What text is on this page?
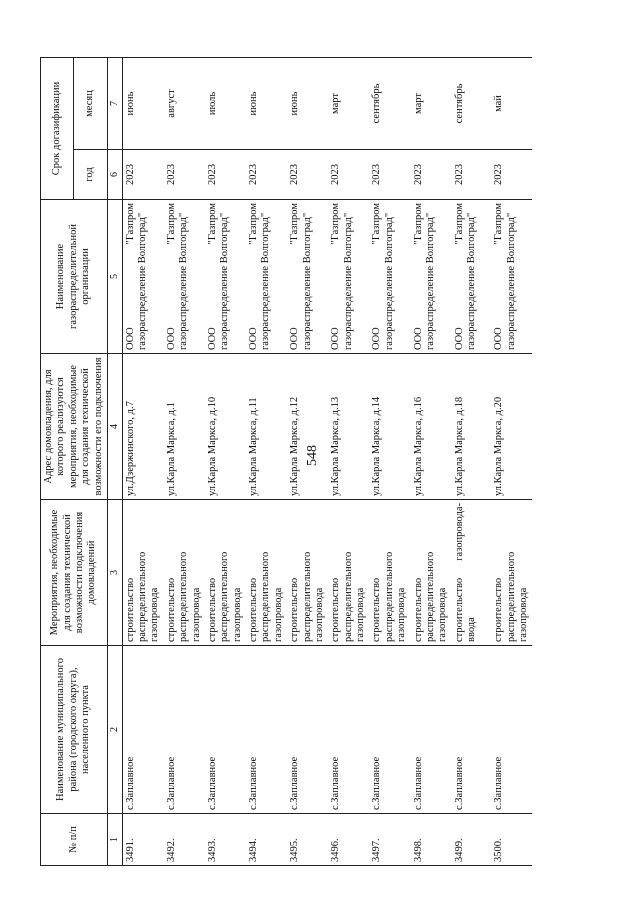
548
№ п/п	Наименование муниципального района (городского округа), населенного пункта	Мероприятия, необходимые для создания технической возможности подключения домовладений	Адрес домовладения, для которого реализуются мероприятия, необходимые для создания технической возможности его подключения	Наименование газораспределительной организации	Срок догазификации	
					год	месяц
1	2	3	4	5	6	7
3491.	с.Заплавное	строительство распределительного газопровода	ул.Дзержинского, д.7	ООО "Газпром газораспределение Волгоград"	2023	июнь
3492.	с.Заплавное	строительство распределительного газопровода	ул.Карла Маркса, д.1	ООО "Газпром газораспределение Волгоград"	2023	август
3493.	с.Заплавное	строительство распределительного газопровода	ул.Карла Маркса, д.10	ООО "Газпром газораспределение Волгоград"	2023	июль
3494.	с.Заплавное	строительство распределительного газопровода	ул.Карла Маркса, д.11	ООО "Газпром газораспределение Волгоград"	2023	июнь
3495.	с.Заплавное	строительство распределительного газопровода	ул.Карла Маркса, д.12	ООО "Газпром газораспределение Волгоград"	2023	июнь
3496.	с.Заплавное	строительство распределительного газопровода	ул.Карла Маркса, д.13	ООО "Газпром газораспределение Волгоград"	2023	март
3497.	с.Заплавное	строительство распределительного газопровода	ул.Карла Маркса, д.14	ООО "Газпром газораспределение Волгоград"	2023	сентябрь
3498.	с.Заплавное	строительство распределительного газопровода	ул.Карла Маркса, д.16	ООО "Газпром газораспределение Волгоград"	2023	март
3499.	с.Заплавное	строительство газопровода-ввода	ул.Карла Маркса, д.18	ООО "Газпром газораспределение Волгоград"	2023	сентябрь
3500.	с.Заплавное	строительство распределительного газопровода	ул.Карла Маркса, д.20	ООО "Газпром газораспределение Волгоград"	2023	май
